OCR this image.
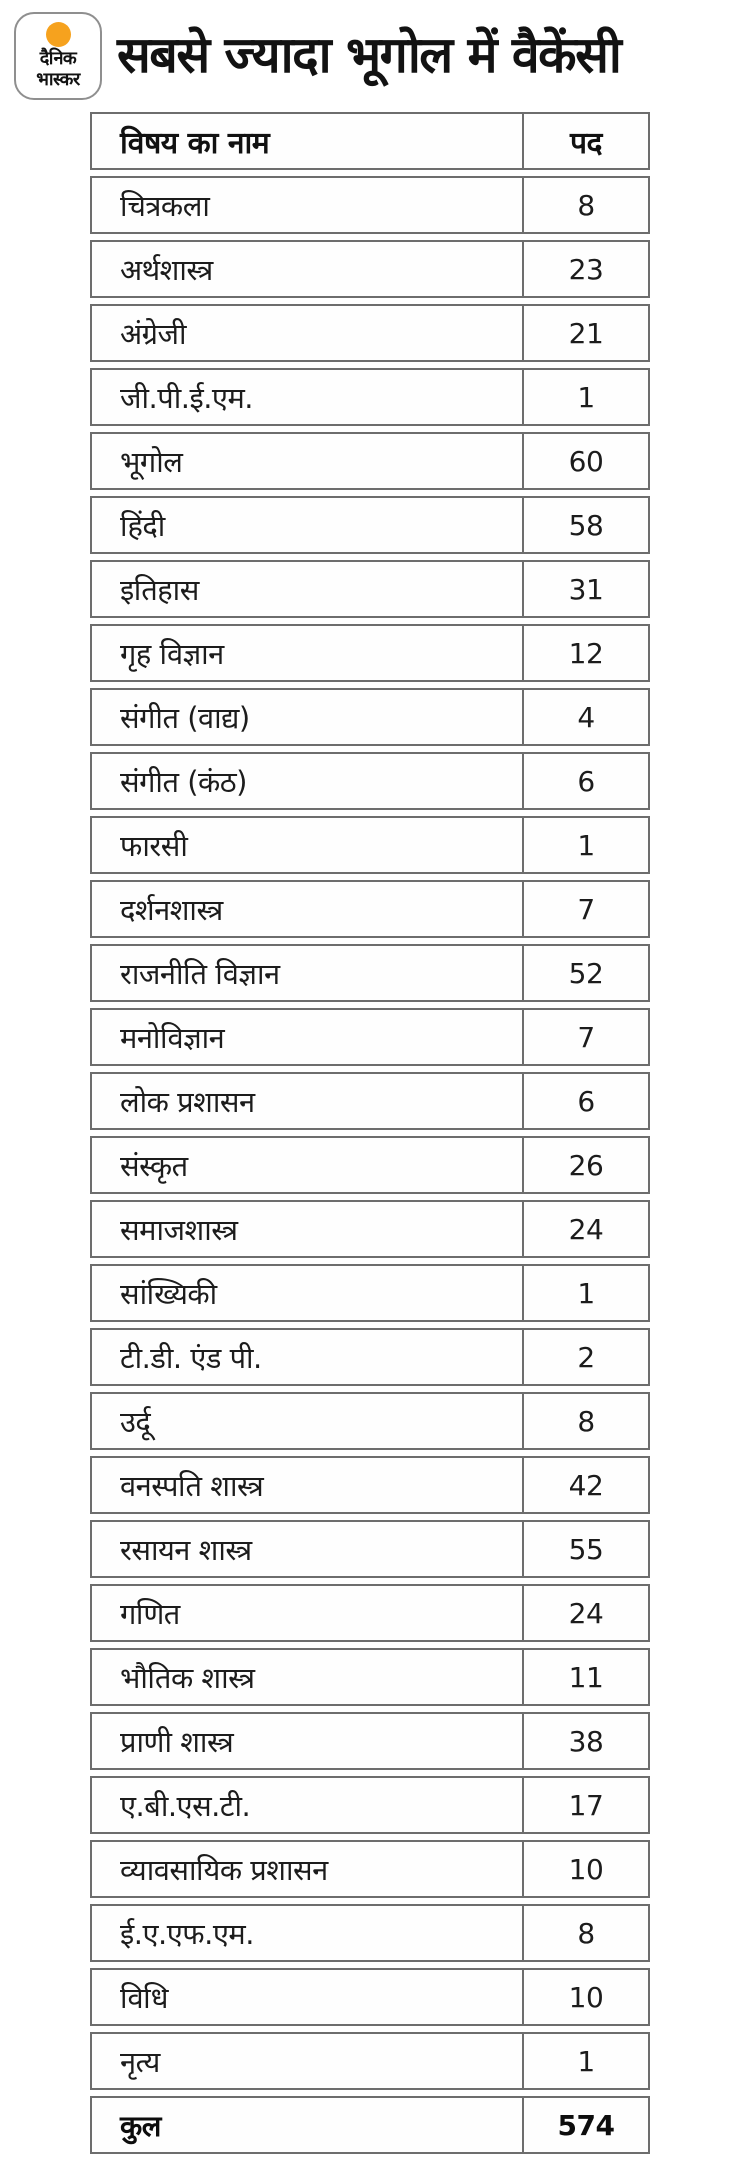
दैनिक
भास्कर सबसे ज्यादा भूगोल में वैकेंसी
विषय का नाम	पद
चित्रकला	8
अर्थशास्त्र	23
अंग्रेजी	21
जी.पी.ई.एम.	1
भूगोल	60
हिंदी	58
इतिहास	31
गृह विज्ञान	12
संगीत (वाद्य)	4
संगीत (कंठ)	6
फारसी	1
दर्शनशास्त्र	7
राजनीति विज्ञान	52
मनोविज्ञान	7
लोक प्रशासन	6
संस्कृत	26
समाजशास्त्र	24
सांख्यिकी	1
टी.डी. एंड पी.	2
उर्दू	8
वनस्पति शास्त्र	42
रसायन शास्त्र	55
गणित	24
भौतिक शास्त्र	11
प्राणी शास्त्र	38
ए.बी.एस.टी.	17
व्यावसायिक प्रशासन	10
ई.ए.एफ.एम.	8
विधि	10
नृत्य	1
कुल	574
